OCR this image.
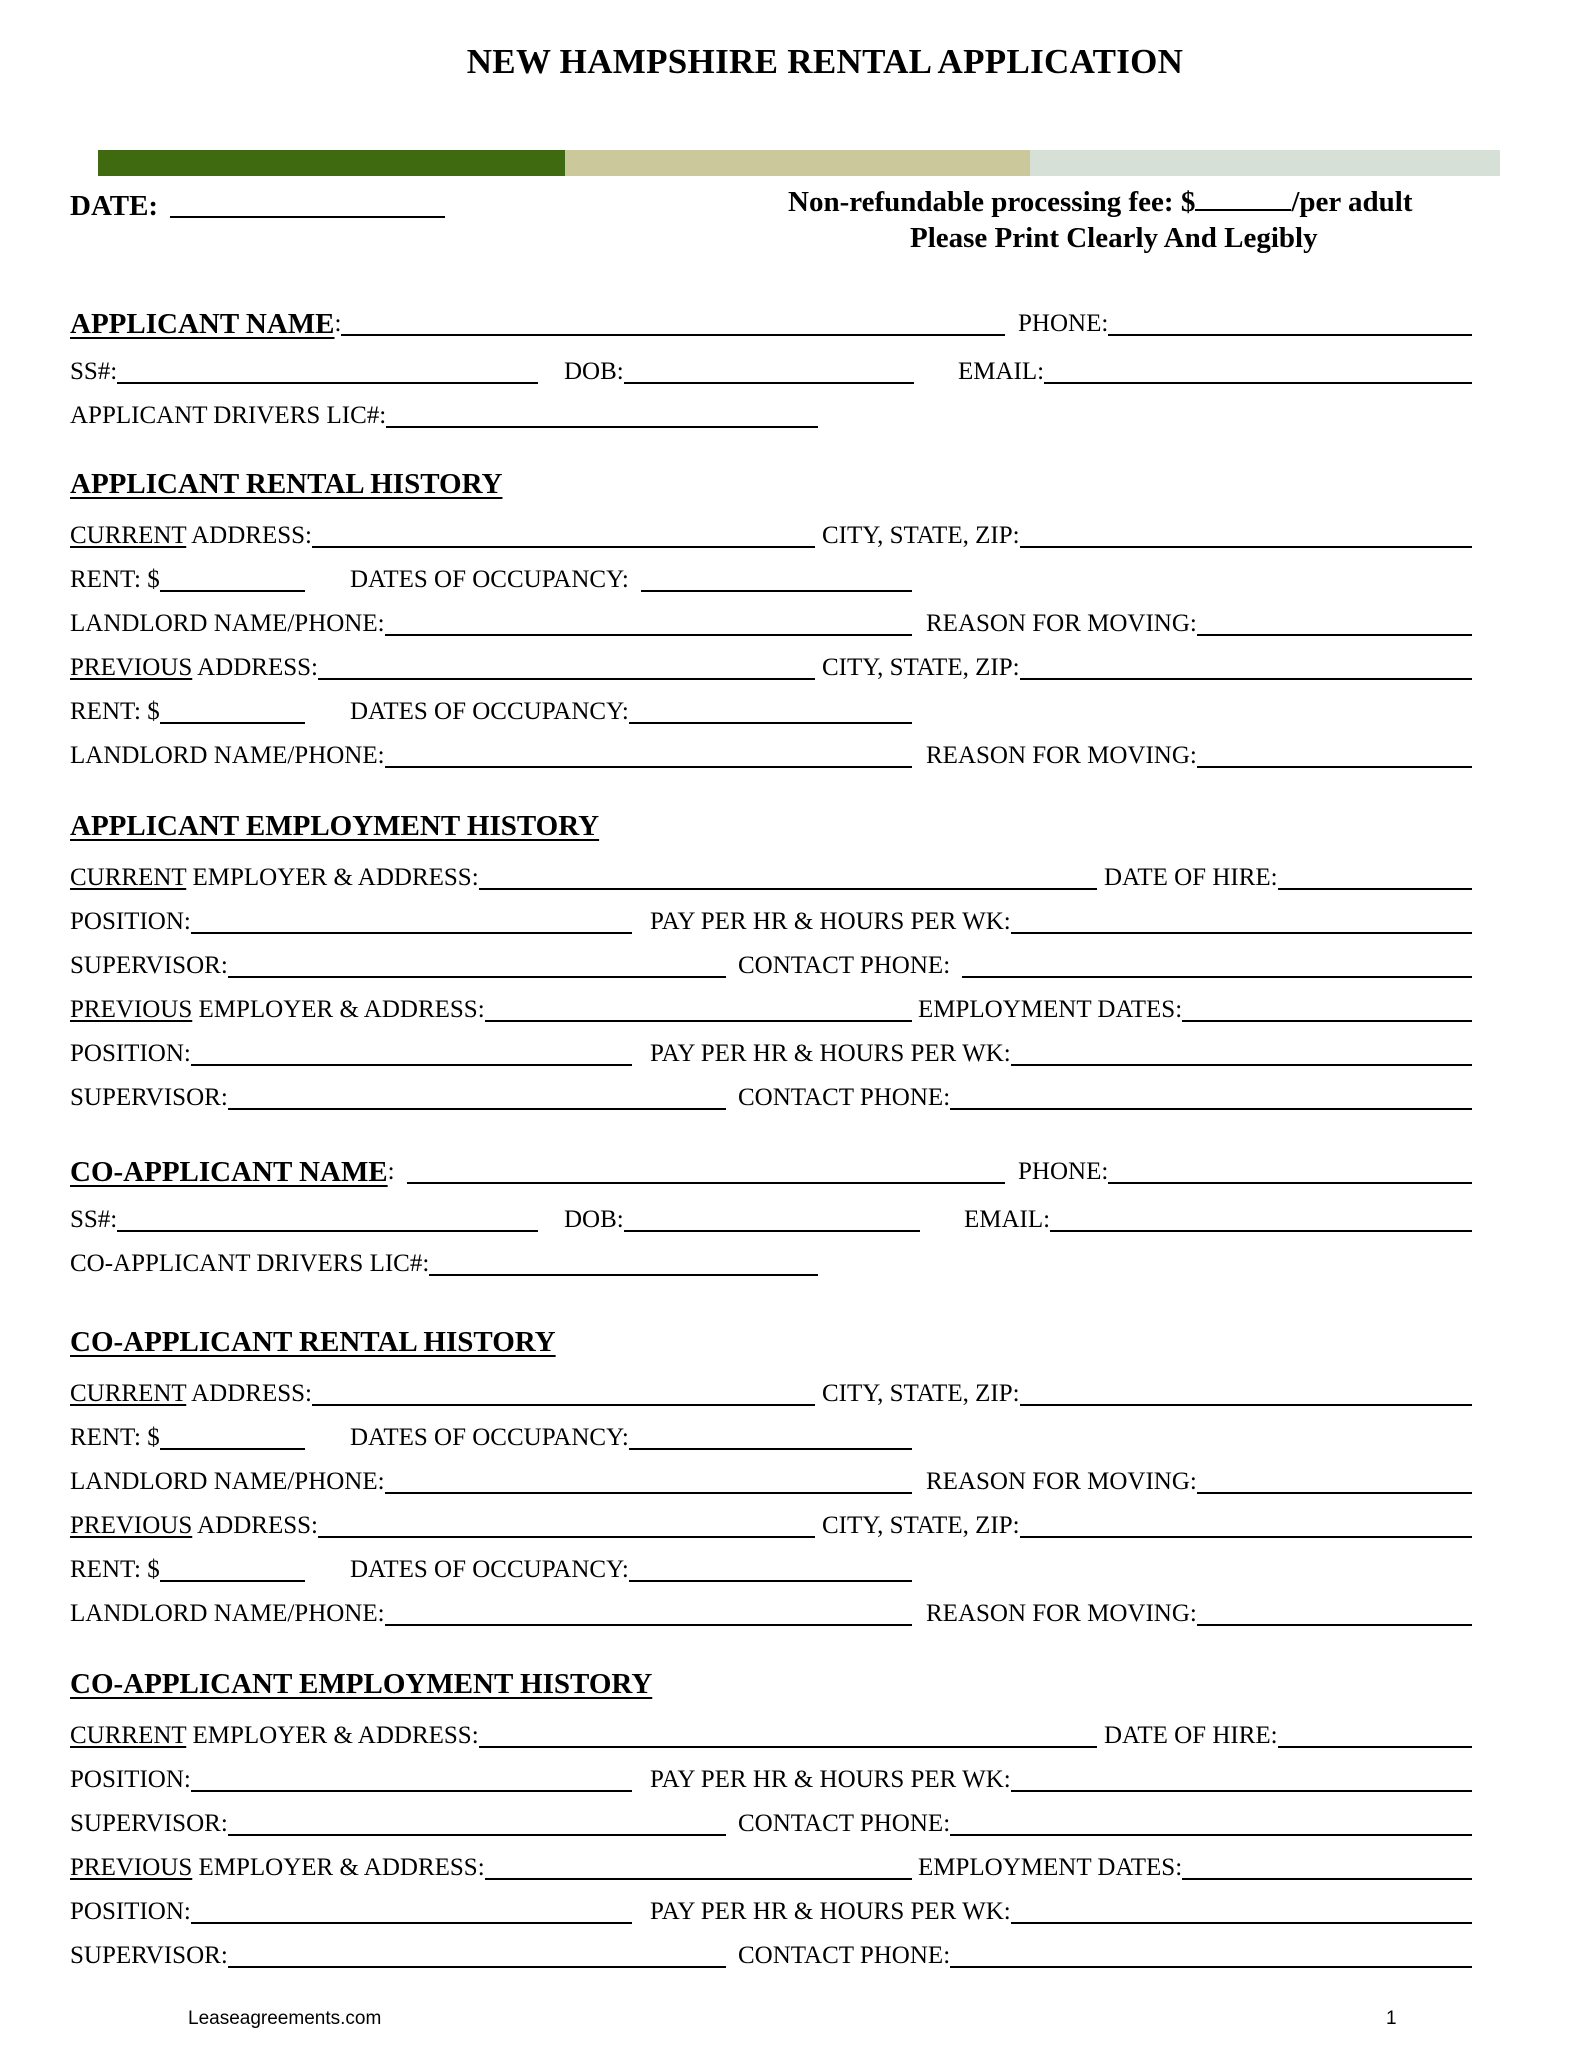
NEW HAMPSHIRE RENTAL APPLICATION
DATE:	Non-refundable processing fee: $	/per adult
Please Print Clearly And Legibly
APPLICANT NAME :	PHONE:
SS#:	DOB:	EMAIL:
APPLICANT DRIVERS LIC#:
APPLICANT RENTAL HISTORY
CURRENT ADDRESS:	CITY, STATE, ZIP:
RENT: $	DATES OF OCCUPANCY:
LANDLORD NAME/PHONE:	REASON FOR MOVING:
PREVIOUS ADDRESS:	CITY, STATE, ZIP:
RENT: $	DATES OF OCCUPANCY:
LANDLORD NAME/PHONE:	REASON FOR MOVING:
APPLICANT EMPLOYMENT HISTORY
CURRENT EMPLOYER & ADDRESS:	DATE OF HIRE:
POSITION:	PAY PER HR & HOURS PER WK:
SUPERVISOR:	CONTACT PHONE:
PREVIOUS EMPLOYER & ADDRESS:	EMPLOYMENT DATES:
POSITION:	PAY PER HR & HOURS PER WK:
SUPERVISOR:	CONTACT PHONE:
CO-APPLICANT NAME :	PHONE:
SS#:	DOB:	EMAIL:
CO-APPLICANT DRIVERS LIC#:
CO-APPLICANT RENTAL HISTORY
CURRENT ADDRESS:	CITY, STATE, ZIP:
RENT: $	DATES OF OCCUPANCY:
LANDLORD NAME/PHONE:	REASON FOR MOVING:
PREVIOUS ADDRESS:	CITY, STATE, ZIP:
RENT: $	DATES OF OCCUPANCY:
LANDLORD NAME/PHONE:	REASON FOR MOVING:
CO-APPLICANT EMPLOYMENT HISTORY
CURRENT EMPLOYER & ADDRESS:	DATE OF HIRE:
POSITION:	PAY PER HR & HOURS PER WK:
SUPERVISOR:	CONTACT PHONE:
PREVIOUS EMPLOYER & ADDRESS:	EMPLOYMENT DATES:
POSITION:	PAY PER HR & HOURS PER WK:
SUPERVISOR:	CONTACT PHONE:
Leaseagreements.com	1
